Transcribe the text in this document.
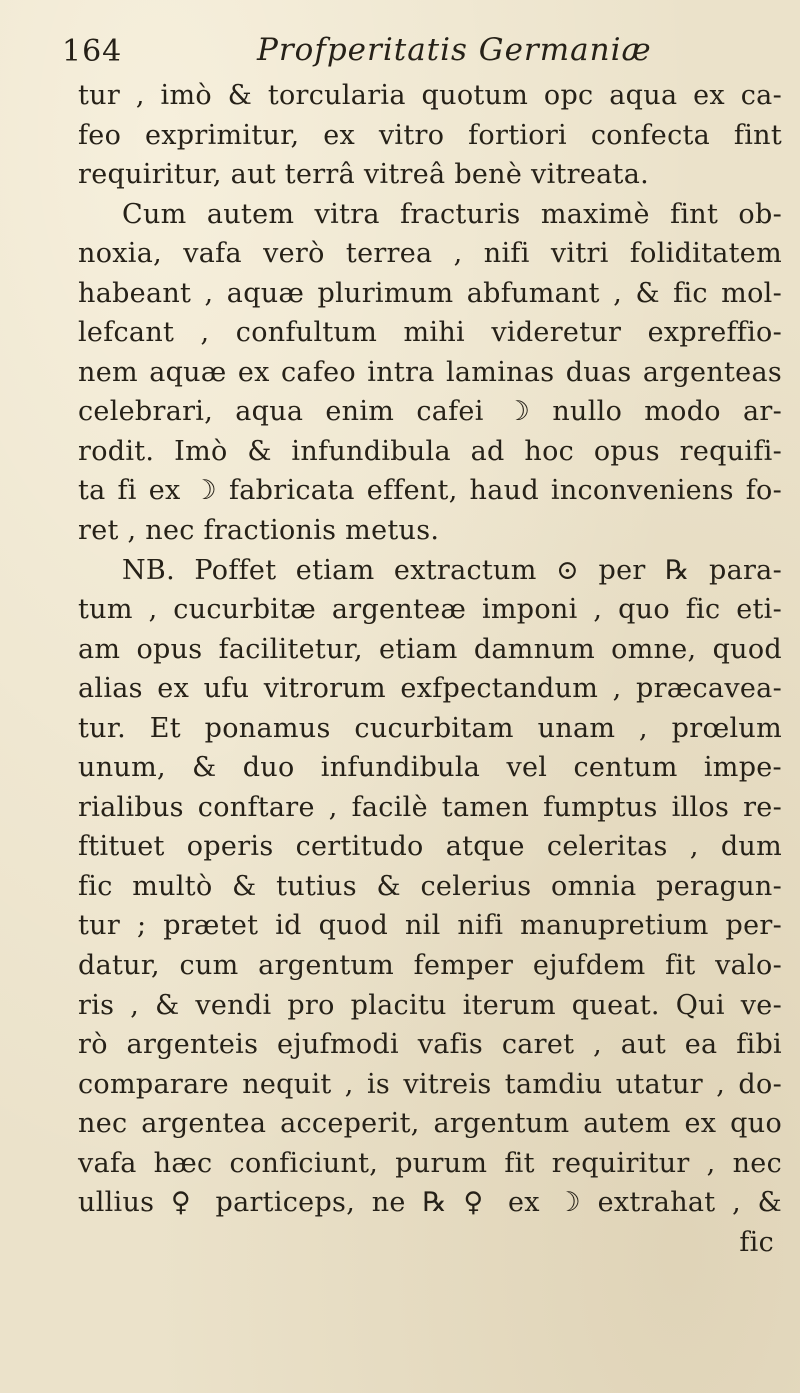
164	Profperitatis Germaniæ
tur , imò & torcularia quotum opc aqua ex ca-
feo exprimitur, ex vitro fortiori confecta fint
requiritur, aut terrâ vitreâ benè vitreata.
Cum autem vitra fracturis maximè fint ob-
noxia, vafa verò terrea , nifi vitri foliditatem
habeant , aquæ plurimum abfumant , & fic mol-
lefcant , confultum mihi videretur expreffio-
nem aquæ ex cafeo intra laminas duas argenteas
celebrari, aqua enim cafei ☽ nullo modo ar-
rodit. Imò & infundibula ad hoc opus requifi-
ta fi ex ☽ fabricata effent, haud inconveniens fo-
ret , nec fractionis metus.
NB. Poffet etiam extractum ⊙ per ℞ para-
tum , cucurbitæ argenteæ imponi , quo fic eti-
am opus facilitetur, etiam damnum omne, quod
alias ex ufu vitrorum exfpectandum , præcavea-
tur. Et ponamus cucurbitam unam , prœlum
unum, & duo infundibula vel centum impe-
rialibus conftare , facilè tamen fumptus illos re-
ftituet operis certitudo atque celeritas , dum
fic multò & tutius & celerius omnia peragun-
tur ; prætet id quod nil nifi manupretium per-
datur, cum argentum femper ejufdem fit valo-
ris , & vendi pro placitu iterum queat. Qui ve-
rò argenteis ejufmodi vafis caret , aut ea fibi
comparare nequit , is vitreis tamdiu utatur , do-
nec argentea acceperit, argentum autem ex quo
vafa hæc conficiunt, purum fit requiritur , nec
ullius ♀ particeps, ne ℞ ♀ ex ☽ extrahat , &
fic
